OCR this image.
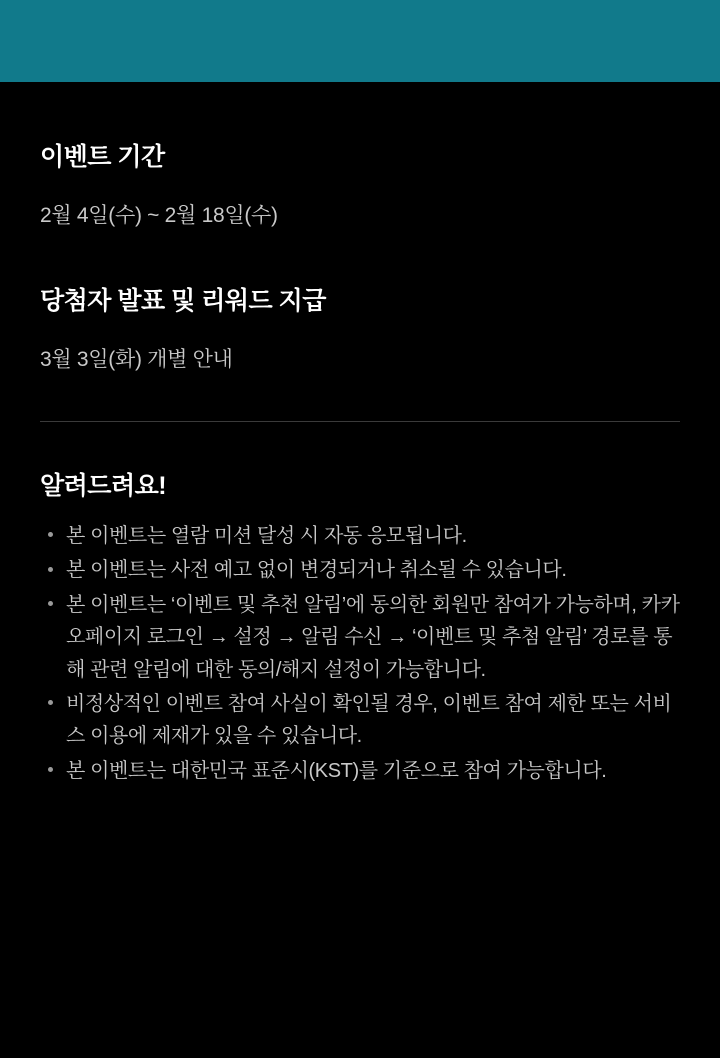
이벤트 기간

2월 4일(수) ~ 2월 18일(수)

당첨자 발표 및 리워드 지급

3월 3일(화) 개별 안내

알려드려요!
본 이벤트는 열람 미션 달성 시 자동 응모됩니다.
본 이벤트는 사전 예고 없이 변경되거나 취소될 수 있습니다.
본 이벤트는 ‘이벤트 및 추천 알림’에 동의한 회원만 참여가 가능하며, 카카오페이지 로그인 → 설정 → 알림 수신 → ‘이벤트 및 추첨 알림’ 경로를 통해 관련 알림에 대한 동의/해지 설정이 가능합니다.
비정상적인 이벤트 참여 사실이 확인될 경우, 이벤트 참여 제한 또는 서비스 이용에 제재가 있을 수 있습니다.
본 이벤트는 대한민국 표준시(KST)를 기준으로 참여 가능합니다.
